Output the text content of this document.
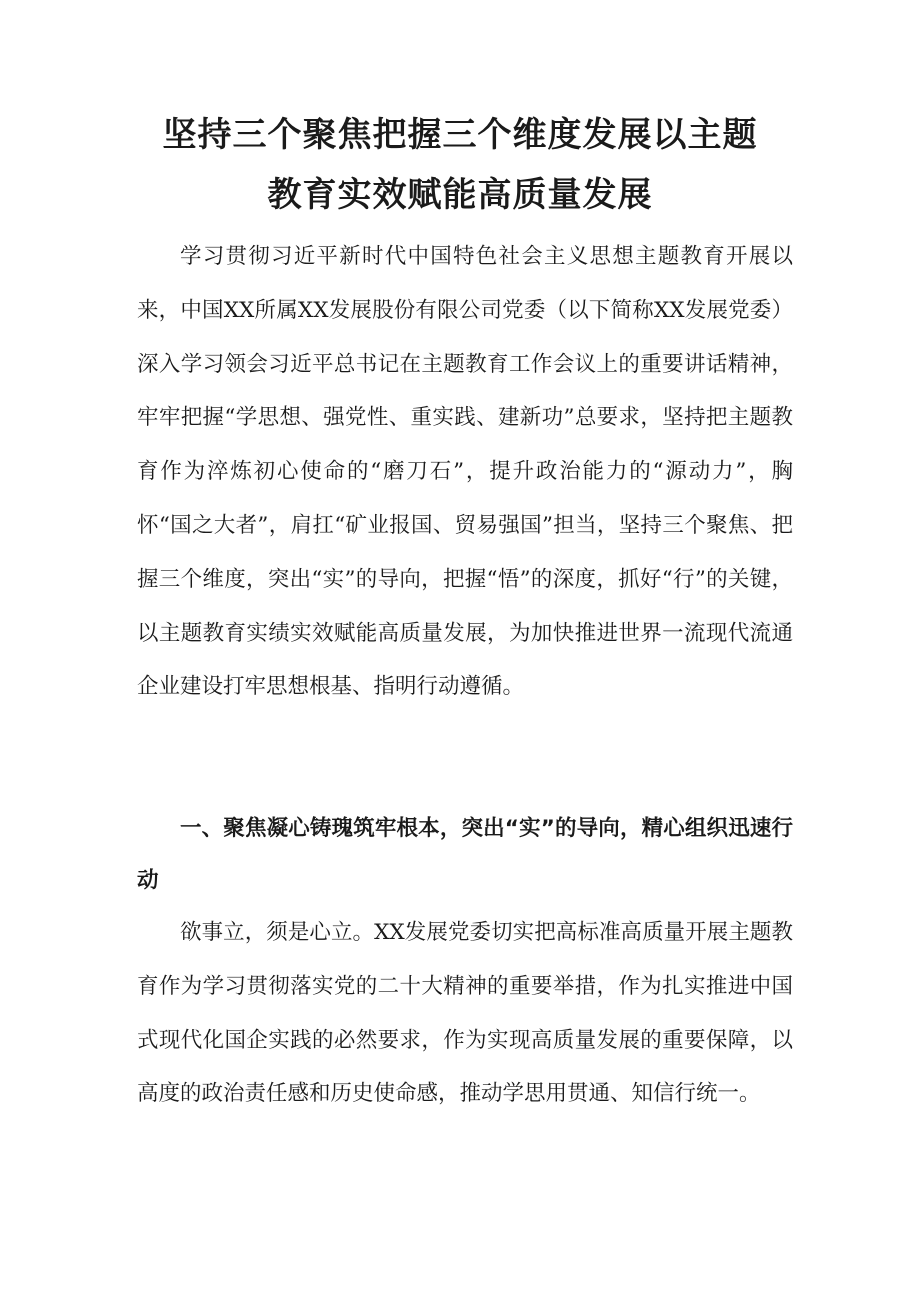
坚持三个聚焦把握三个维度发展以主题
教育实效赋能高质量发展

学习贯彻习近平新时代中国特色社会主义思想主题教育开展以来，中国XX所属XX发展股份有限公司党委（以下简称XX发展党委）深入学习领会习近平总书记在主题教育工作会议上的重要讲话精神，牢牢把握“学思想、强党性、重实践、建新功”总要求，坚持把主题教育作为淬炼初心使命的“磨刀石”，提升政治能力的“源动力”，胸怀“国之大者”，肩扛“矿业报国、贸易强国”担当，坚持三个聚焦、把握三个维度，突出“实”的导向，把握“悟”的深度，抓好“行”的关键，以主题教育实绩实效赋能高质量发展，为加快推进世界一流现代流通企业建设打牢思想根基、指明行动遵循。

一、聚焦凝心铸瑰筑牢根本，突出“实”的导向，精心组织迅速行动

欲事立，须是心立。XX发展党委切实把高标准高质量开展主题教育作为学习贯彻落实党的二十大精神的重要举措，作为扎实推进中国式现代化国企实践的必然要求，作为实现高质量发展的重要保障，以高度的政治责任感和历史使命感，推动学思用贯通、知信行统一。
